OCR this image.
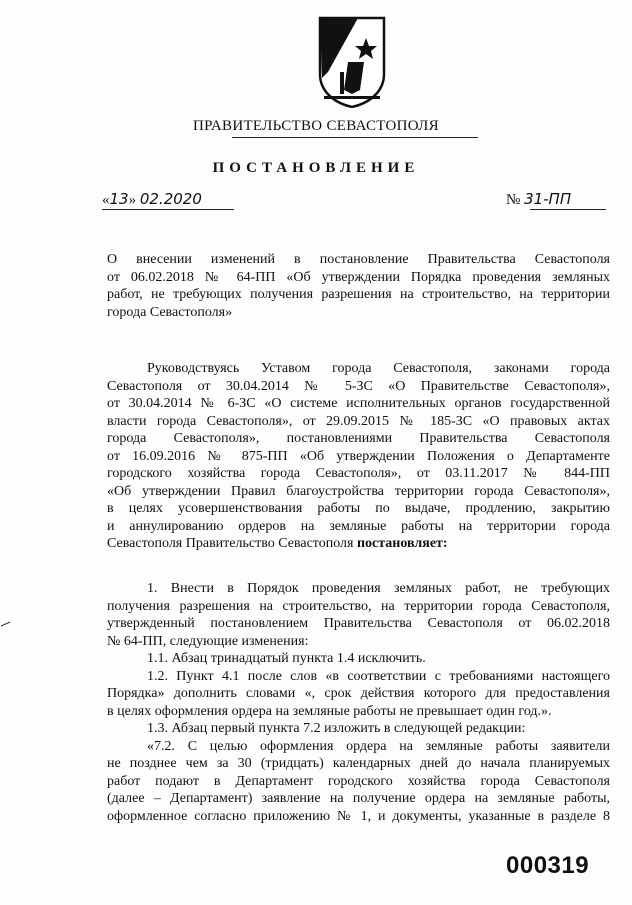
ПРАВИТЕЛЬСТВО СЕВАСТОПОЛЯ
ПОСТАНОВЛЕНИЕ
«13» 02.2020	№ 31-ПП
О внесении изменений в постановление Правительства Севастополя
от 06.02.2018 № 64-ПП «Об утверждении Порядка проведения земляных
работ, не требующих получения разрешения на строительство, на территории
города Севастополя»
Руководствуясь Уставом города Севастополя, законами города
Севастополя от 30.04.2014 № 5-ЗС «О Правительстве Севастополя»,
от 30.04.2014 № 6-ЗС «О системе исполнительных органов государственной
власти города Севастополя», от 29.09.2015 № 185-ЗС «О правовых актах
города Севастополя», постановлениями Правительства Севастополя
от 16.09.2016 № 875-ПП «Об утверждении Положения о Департаменте
городского хозяйства города Севастополя», от 03.11.2017 № 844-ПП
«Об утверждении Правил благоустройства территории города Севастополя»,
в целях усовершенствования работы по выдаче, продлению, закрытию
и аннулированию ордеров на земляные работы на территории города
Севастополя Правительство Севастополя постановляет:
1. Внести в Порядок проведения земляных работ, не требующих
получения разрешения на строительство, на территории города Севастополя,
утвержденный постановлением Правительства Севастополя от 06.02.2018
№ 64-ПП, следующие изменения:
1.1. Абзац тринадцатый пункта 1.4 исключить.
1.2. Пункт 4.1 после слов «в соответствии с требованиями настоящего
Порядка» дополнить словами «, срок действия которого для предоставления
в целях оформления ордера на земляные работы не превышает один год.».
1.3. Абзац первый пункта 7.2 изложить в следующей редакции:
«7.2. С целью оформления ордера на земляные работы заявители
не позднее чем за 30 (тридцать) календарных дней до начала планируемых
работ подают в Департамент городского хозяйства города Севастополя
(далее – Департамент) заявление на получение ордера на земляные работы,
оформленное согласно приложению № 1, и документы, указанные в разделе 8
000319
